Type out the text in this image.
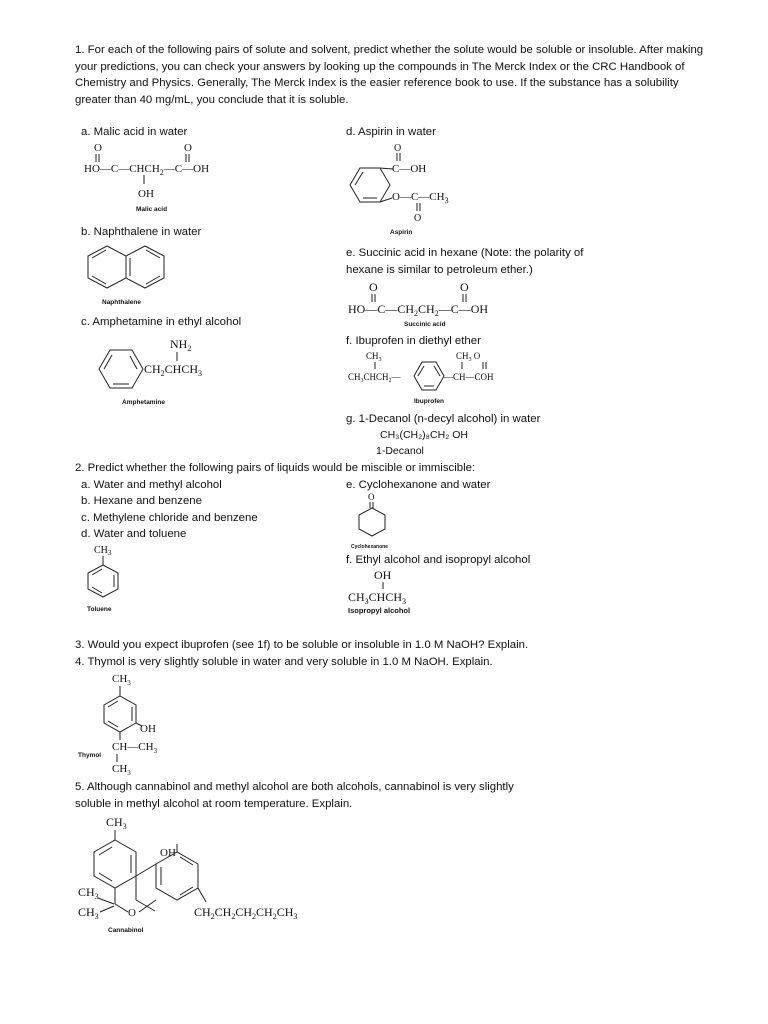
1. For each of the following pairs of solute and solvent, predict whether the solute would be soluble or insoluble. After making your predictions, you can check your answers by looking up the compounds in The Merck Index or the CRC Handbook of Chemistry and Physics. Generally, The Merck Index is the easier reference book to use. If the substance has a solubility greater than 40 mg/mL, you conclude that it is soluble.
a. Malic acid in water
O	O
$HO—C—CHCH_2—C—OH$
OH
Malic acid
b. Naphthalene in water
Naphthalene
c. Amphetamine in ethyl alcohol
$NH_2$
$CH_2CHCH_3$
Amphetamine
d. Aspirin in water
O
C—OH
$O—C—CH_3$
O
Aspirin
e. Succinic acid in hexane (Note: the polarity of
hexane is similar to petroleum ether.)
O	O
$HO—C—CH_2CH_2—C—OH$
Succinic acid
f. Ibuprofen in diethyl ether
$CH_3$
$CH_3CHCH_2—$
$CH_3$ O
—CH—COH
Ibuprofen
g. 1-Decanol (n-decyl alcohol) in water
CH₃(CH₂)₈CH₂ OH
1-Decanol
2. Predict whether the following pairs of liquids would be miscible or immiscible:
a. Water and methyl alcohol
b. Hexane and benzene
c. Methylene chloride and benzene
d. Water and toluene
$CH_3$
Toluene
e. Cyclohexanone and water
O
Cyclohexanone
f. Ethyl alcohol and isopropyl alcohol
OH
$CH_3CHCH_3$
Isopropyl alcohol
3. Would you expect ibuprofen (see 1f) to be soluble or insoluble in 1.0 M NaOH? Explain.
4. Thymol is very slightly soluble in water and very soluble in 1.0 M NaOH. Explain.
$CH_3$
OH
$CH—CH_3$
$CH_3$
Thymol
5. Although cannabinol and methyl alcohol are both alcohols, cannabinol is very slightly
soluble in methyl alcohol at room temperature. Explain.
$CH_3$
O
OH
$CH_3$
$CH_3$	$CH_2CH_2CH_2CH_2CH_3$
Cannabinol
